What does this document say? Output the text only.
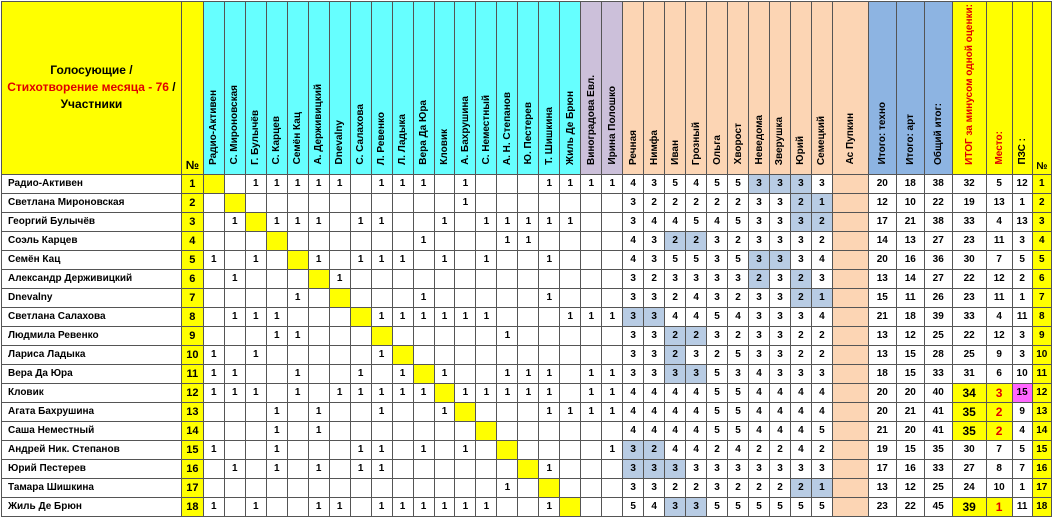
Голосующие /
Стихотворение месяца - 76 /
Участники	№	Радио-Активен	С. Мироновская	Г. Булычёв	С. Карцев	Семён Кац	А. Держивицкий	Dnevalny	С. Салахова	Л. Ревенко	Л. Ладыка	Вера Да Юра	Кловик	А. Бахрушина	С. Неместный	А. Н. Степанов	Ю. Пестерев	Т. Шишкина	Жиль Де Брюн	Виноградова Евл.	Ирина Полошко	Речная	Нимфа	Иван	Грозный	Ольга	Хворост	Неведома	Зверушка	Юрий	Семецкий	Ас Пупкин	Итого: техно	Итого: арт	Общий итог:	ИТОГ за минусом одной оценки:	Место:	ПЗС :	№
Радио-Активен	1			1	1	1	1	1		1	1	1		1				1	1	1	1	4	3	5	4	5	5	3	3	3	3		20	18	38	32	5	12	1
Светлана Мироновская	2													1								3	2	2	2	2	2	3	3	2	1		12	10	22	19	13	1	2
Георгий Булычёв	3		1		1	1	1		1	1			1		1	1	1	1	1			3	4	4	5	4	5	3	3	3	2		17	21	38	33	4	13	3
Соэль Карцев	4											1				1	1					4	3	2	2	3	2	3	3	3	2		14	13	27	23	11	3	4
Семён Кац	5	1		1			1		1	1	1		1		1			1				4	3	5	5	3	5	3	3	3	4		20	16	36	30	7	5	5
Александр Держивицкий	6		1					1														3	2	3	3	3	3	2	3	2	3		13	14	27	22	12	2	6
Dnevalny	7					1						1						1				3	3	2	4	3	2	3	3	2	1		15	11	26	23	11	1	7
Светлана Салахова	8		1	1	1					1	1	1	1	1	1				1	1	1	3	3	4	4	5	4	3	3	3	4		21	18	39	33	4	11	8
Людмила Ревенко	9				1	1										1						3	3	2	2	3	2	3	3	2	2		13	12	25	22	12	3	9
Лариса Ладыка	10	1		1						1												3	3	2	3	2	5	3	3	2	2		13	15	28	25	9	3	10
Вера Да Юра	11	1	1			1			1		1		1			1	1	1		1	1	3	3	3	3	5	3	4	3	3	3		18	15	33	31	6	10	11
Кловик	12	1	1	1		1		1	1	1	1	1		1	1	1	1	1		1	1	4	4	4	4	5	5	4	4	4	4		20	20	40	34	3	15	12
Агата Бахрушина	13				1		1			1			1					1	1	1	1	4	4	4	4	5	5	4	4	4	4		20	21	41	35	2	9	13
Саша Неместный	14				1		1															4	4	4	4	5	5	4	4	4	5		21	20	41	35	2	4	14
Андрей Ник. Степанов	15	1			1				1	1		1		1							1	3	2	4	4	2	4	2	2	4	2		19	15	35	30	7	5	15
Юрий Пестерев	16		1		1		1		1	1								1				3	3	3	3	3	3	3	3	3	3		17	16	33	27	8	7	16
Тамара Шишкина	17															1						3	3	2	2	3	2	2	2	2	1		13	12	25	24	10	1	17
Жиль Де Брюн	18	1		1			1	1		1	1	1	1	1	1			1				5	4	3	3	5	5	5	5	5	5		23	22	45	39	1	11	18
